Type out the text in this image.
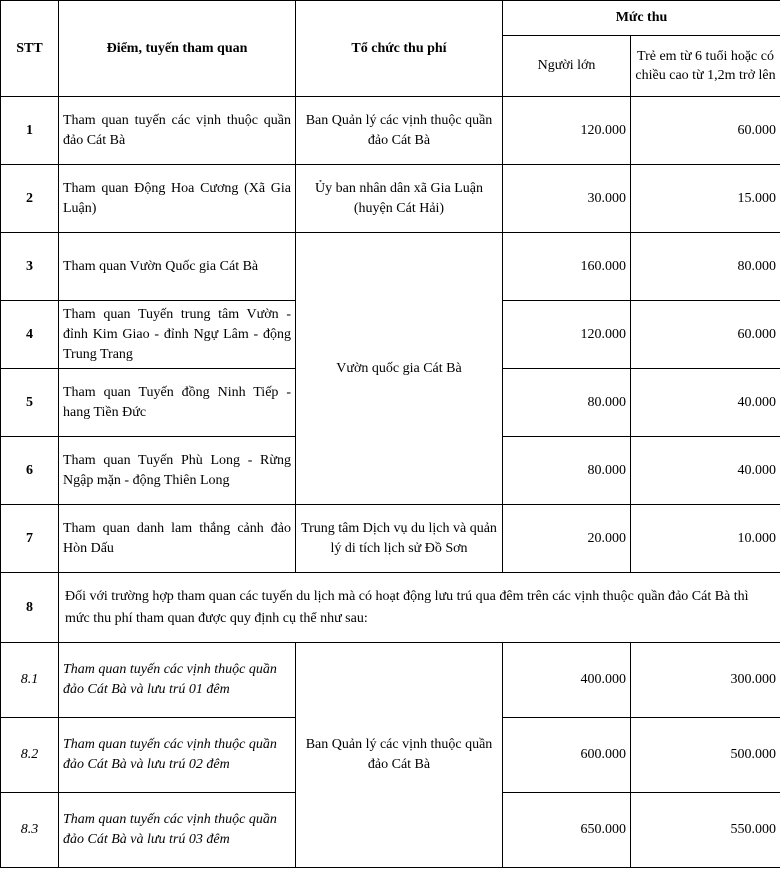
STT	Điểm, tuyến tham quan	Tổ chức thu phí	Mức thu	
			Người lớn	Trẻ em từ 6 tuổi hoặc có chiều cao từ 1,2m trở lên
1	Tham quan tuyến các vịnh thuộc quần đảo Cát Bà	Ban Quản lý các vịnh thuộc quần đảo Cát Bà	120.000	60.000
2	Tham quan Động Hoa Cương (Xã Gia Luận)	Ủy ban nhân dân xã Gia Luận (huyện Cát Hải)	30.000	15.000
3	Tham quan Vườn Quốc gia Cát Bà	Vườn quốc gia Cát Bà	160.000	80.000
4	Tham quan Tuyến trung tâm Vườn - đỉnh Kim Giao - đỉnh Ngự Lâm - động Trung Trang		120.000	60.000
5	Tham quan Tuyến đồng Ninh Tiếp - hang Tiền Đức		80.000	40.000
6	Tham quan Tuyến Phù Long - Rừng Ngập mặn - động Thiên Long		80.000	40.000
7	Tham quan danh lam thắng cảnh đảo Hòn Dấu	Trung tâm Dịch vụ du lịch và quản lý di tích lịch sử Đồ Sơn	20.000	10.000
8	Đối với trường hợp tham quan các tuyến du lịch mà có hoạt động lưu trú qua đêm trên các vịnh thuộc quần đảo Cát Bà thì mức thu phí tham quan được quy định cụ thể như sau:			
8.1	Tham quan tuyến các vịnh thuộc quần đảo Cát Bà và lưu trú 01 đêm	Ban Quản lý các vịnh thuộc quần đảo Cát Bà	400.000	300.000
8.2	Tham quan tuyến các vịnh thuộc quần đảo Cát Bà và lưu trú 02 đêm		600.000	500.000
8.3	Tham quan tuyến các vịnh thuộc quần đảo Cát Bà và lưu trú 03 đêm		650.000	550.000
